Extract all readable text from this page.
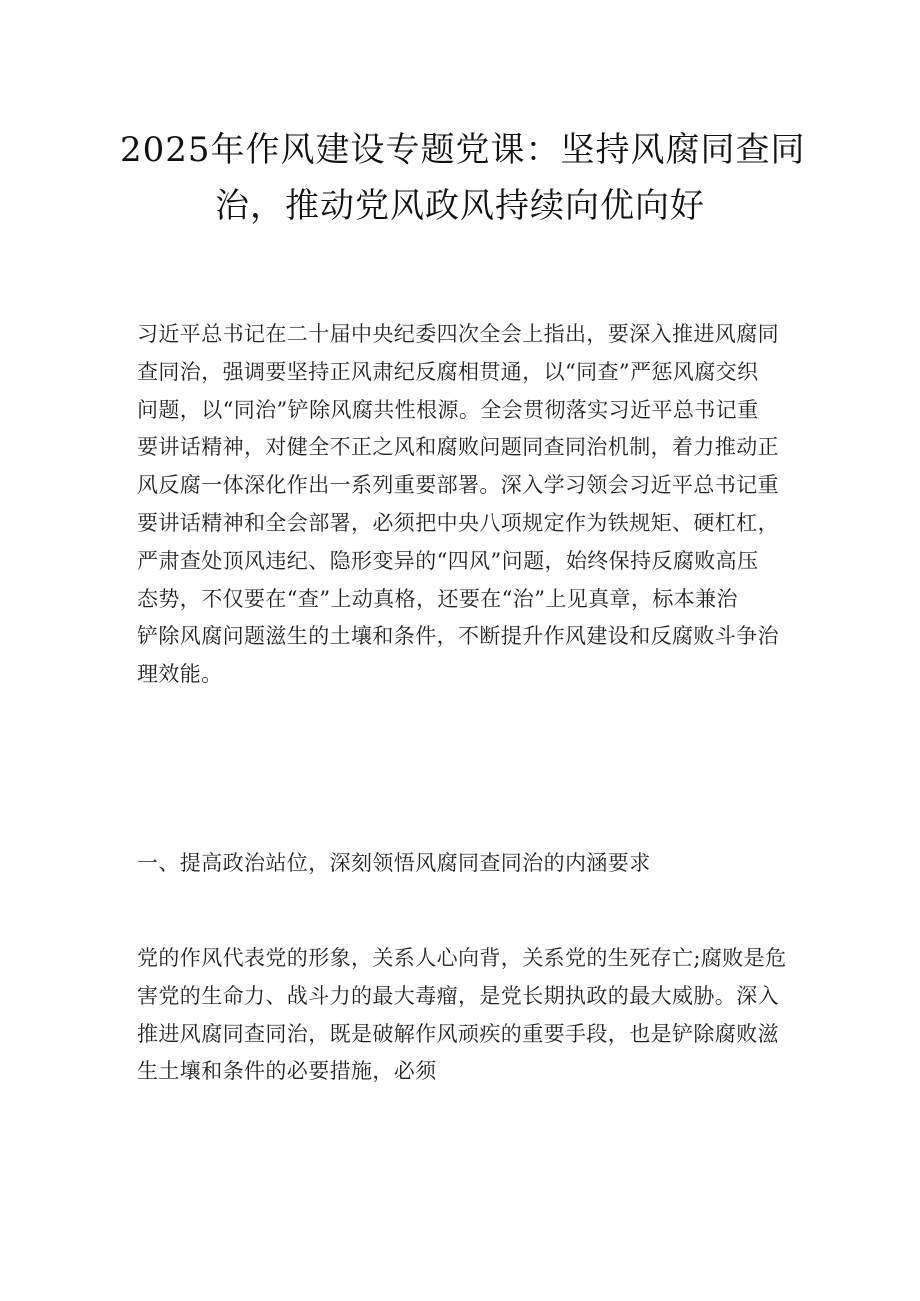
2025年作风建设专题党课：坚持风腐同查同
治，推动党风政风持续向优向好
习近平总书记在二十届中央纪委四次全会上指出，要深入推进风腐同
查同治，强调要坚持正风肃纪反腐相贯通，以“同查”严惩风腐交织
问题，以“同治”铲除风腐共性根源。全会贯彻落实习近平总书记重
要讲话精神，对健全不正之风和腐败问题同查同治机制，着力推动正
风反腐一体深化作出一系列重要部署。深入学习领会习近平总书记重
要讲话精神和全会部署，必须把中央八项规定作为铁规矩、硬杠杠，
严肃查处顶风违纪、隐形变异的“四风”问题，始终保持反腐败高压
态势，不仅要在“查”上动真格，还要在“治”上见真章，标本兼治
铲除风腐问题滋生的土壤和条件，不断提升作风建设和反腐败斗争治
理效能。
一、提高政治站位，深刻领悟风腐同查同治的内涵要求
党的作风代表党的形象，关系人心向背，关系党的生死存亡;腐败是危
害党的生命力、战斗力的最大毒瘤，是党长期执政的最大威胁。深入
推进风腐同查同治，既是破解作风顽疾的重要手段，也是铲除腐败滋
生土壤和条件的必要措施，必须
